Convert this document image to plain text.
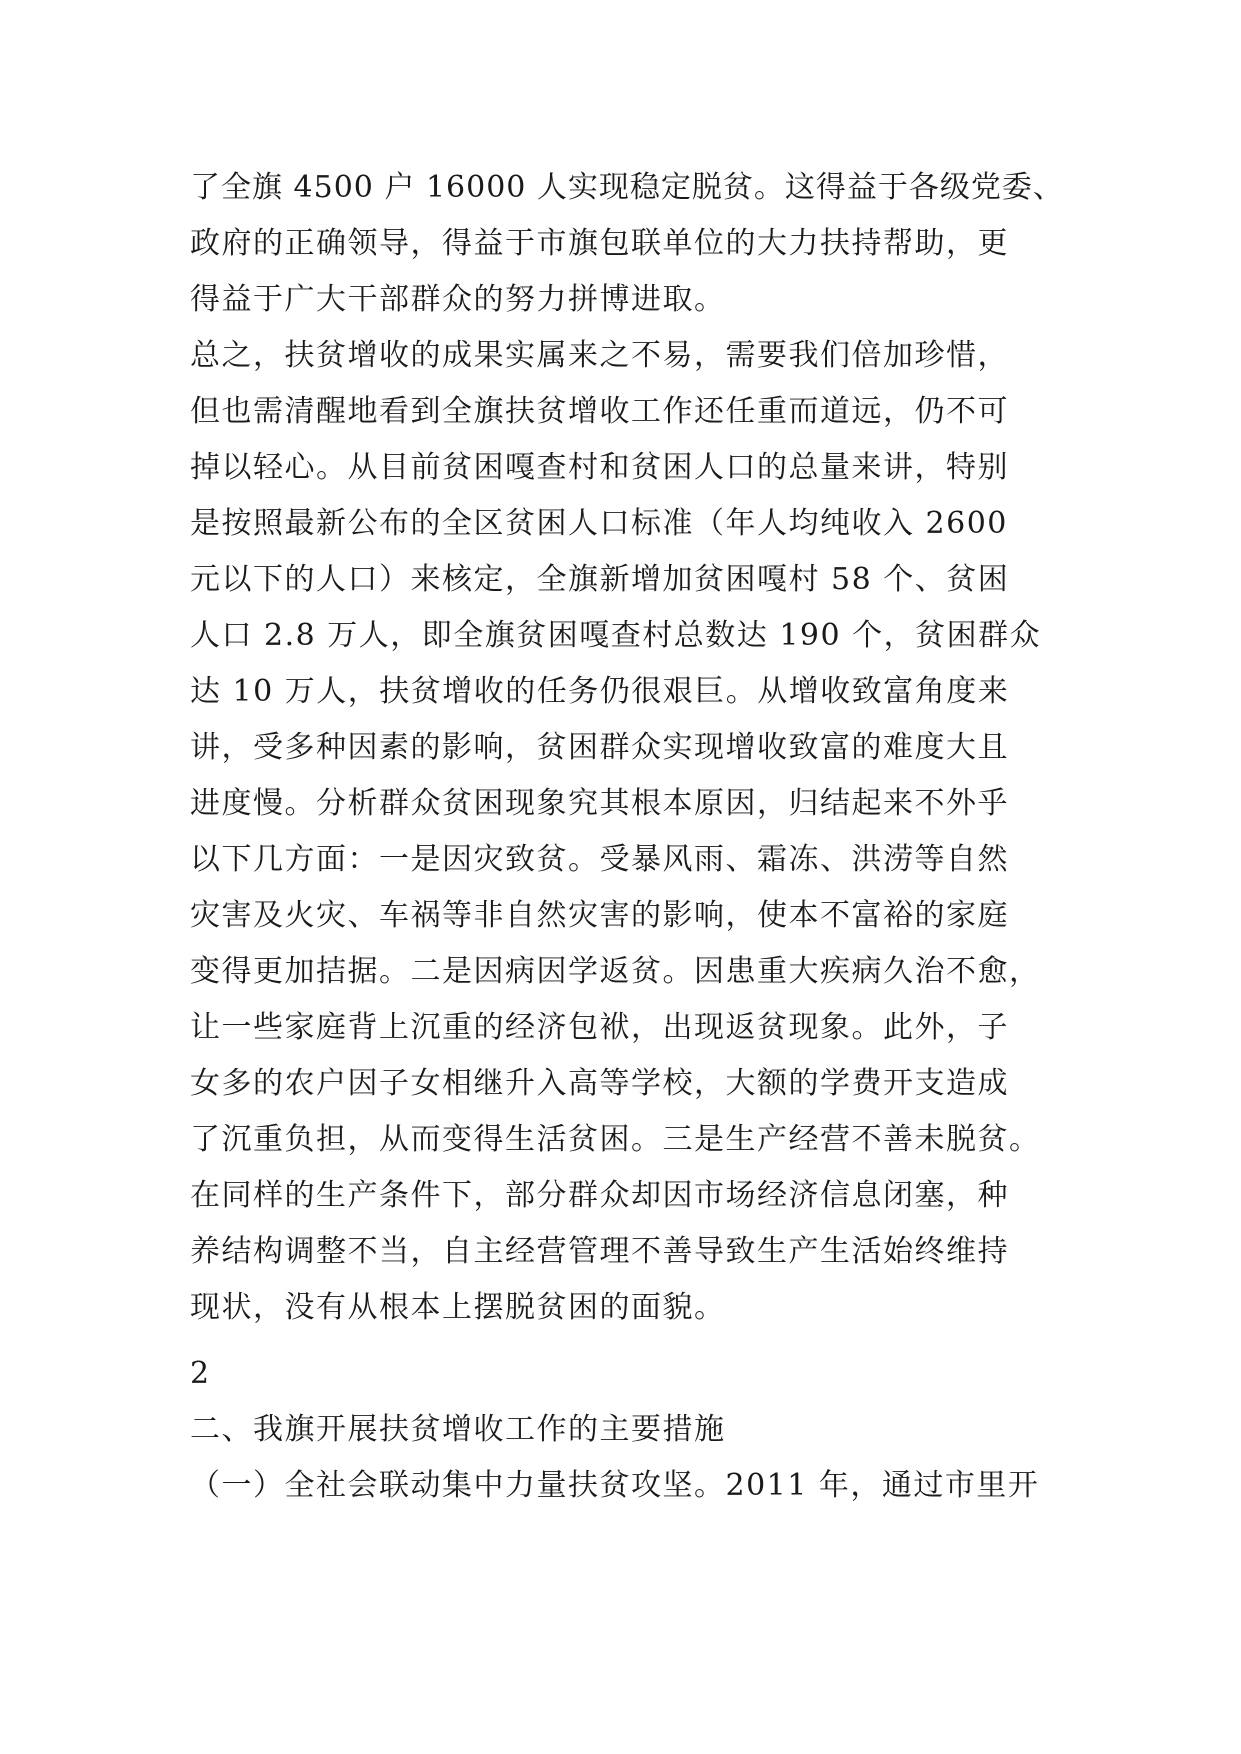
了全旗 4500 户 16000 人实现稳定脱贫。这得益于各级党委、
政府的正确领导，得益于市旗包联单位的大力扶持帮助，更
得益于广大干部群众的努力拼博进取。
总之，扶贫增收的成果实属来之不易，需要我们倍加珍惜，
但也需清醒地看到全旗扶贫增收工作还任重而道远，仍不可
掉以轻心。从目前贫困嘎查村和贫困人口的总量来讲，特别
是按照最新公布的全区贫困人口标准（年人均纯收入 2600
元以下的人口）来核定，全旗新增加贫困嘎村 58 个、贫困
人口 2.8 万人，即全旗贫困嘎查村总数达 190 个，贫困群众
达 10 万人，扶贫增收的任务仍很艰巨。从增收致富角度来
讲，受多种因素的影响，贫困群众实现增收致富的难度大且
进度慢。分析群众贫困现象究其根本原因，归结起来不外乎
以下几方面：一是因灾致贫。受暴风雨、霜冻、洪涝等自然
灾害及火灾、车祸等非自然灾害的影响，使本不富裕的家庭
变得更加拮据。二是因病因学返贫。因患重大疾病久治不愈，
让一些家庭背上沉重的经济包袱，出现返贫现象。此外，子
女多的农户因子女相继升入高等学校，大额的学费开支造成
了沉重负担，从而变得生活贫困。三是生产经营不善未脱贫。
在同样的生产条件下，部分群众却因市场经济信息闭塞，种
养结构调整不当，自主经营管理不善导致生产生活始终维持
现状，没有从根本上摆脱贫困的面貌。
2
二、我旗开展扶贫增收工作的主要措施
（一）全社会联动集中力量扶贫攻坚。2011 年，通过市里开
